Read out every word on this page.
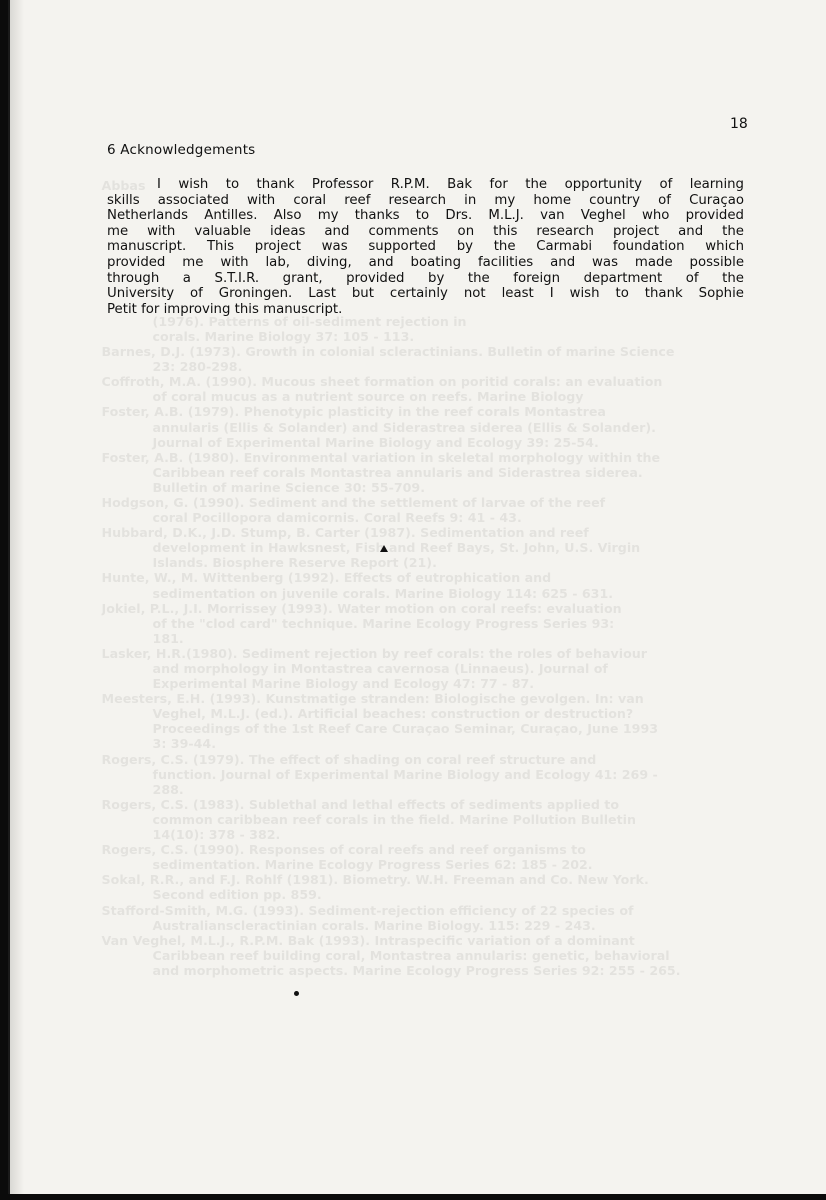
Abbas

(1976). Patterns of oil-sediment rejection in
corals. Marine Biology 37: 105 - 113.
Barnes, D.J. (1973). Growth in colonial scleractinians. Bulletin of marine Science
23: 280-298.
Coffroth, M.A. (1990). Mucous sheet formation on poritid corals: an evaluation
of coral mucus as a nutrient source on reefs. Marine Biology
Foster, A.B. (1979). Phenotypic plasticity in the reef corals Montastrea
annularis (Ellis & Solander) and Siderastrea siderea (Ellis & Solander).
Journal of Experimental Marine Biology and Ecology 39: 25-54.
Foster, A.B. (1980). Environmental variation in skeletal morphology within the
Caribbean reef corals Montastrea annularis and Siderastrea siderea.
Bulletin of marine Science 30: 55-709.
Hodgson, G. (1990). Sediment and the settlement of larvae of the reef
coral Pocillopora damicornis. Coral Reefs 9: 41 - 43.
Hubbard, D.K., J.D. Stump, B. Carter (1987). Sedimentation and reef
development in Hawksnest, Fish and Reef Bays, St. John, U.S. Virgin
Islands. Biosphere Reserve Report (21).
Hunte, W., M. Wittenberg (1992). Effects of eutrophication and
sedimentation on juvenile corals. Marine Biology 114: 625 - 631.
Jokiel, P.L., J.I. Morrissey (1993). Water motion on coral reefs: evaluation
of the "clod card" technique. Marine Ecology Progress Series 93:
181.
Lasker, H.R.(1980). Sediment rejection by reef corals: the roles of behaviour
and morphology in Montastrea cavernosa (Linnaeus). Journal of
Experimental Marine Biology and Ecology 47: 77 - 87.
Meesters, E.H. (1993). Kunstmatige stranden: Biologische gevolgen. In: van
Veghel, M.L.J. (ed.). Artificial beaches: construction or destruction?
Proceedings of the 1st Reef Care Curaçao Seminar, Curaçao, June 1993
3: 39-44.
Rogers, C.S. (1979). The effect of shading on coral reef structure and
function. Journal of Experimental Marine Biology and Ecology 41: 269 -
288.
Rogers, C.S. (1983). Sublethal and lethal effects of sediments applied to
common caribbean reef corals in the field. Marine Pollution Bulletin
14(10): 378 - 382.
Rogers, C.S. (1990). Responses of coral reefs and reef organisms to
sedimentation. Marine Ecology Progress Series 62: 185 - 202.
Sokal, R.R., and F.J. Rohlf (1981). Biometry. W.H. Freeman and Co. New York.
Second edition pp. 859.
Stafford-Smith, M.G. (1993). Sediment-rejection efficiency of 22 species of
Australianscleractinian corals. Marine Biology. 115: 229 - 243.
Van Veghel, M.L.J., R.P.M. Bak (1993). Intraspecific variation of a dominant
Caribbean reef building coral, Montastrea annularis: genetic, behavioral
and morphometric aspects. Marine Ecology Progress Series 92: 255 - 265.
18
6 Acknowledgements
I wish to thank Professor R.P.M. Bak for the opportunity of learning
skills associated with coral reef research in my home country of Curaçao
Netherlands Antilles. Also my thanks to Drs. M.L.J. van Veghel who provided
me with valuable ideas and comments on this research project and the
manuscript. This project was supported by the Carmabi foundation which
provided me with lab, diving, and boating facilities and was made possible
through a S.T.I.R. grant, provided by the foreign department of the
University of Groningen. Last but certainly not least I wish to thank Sophie
Petit for improving this manuscript.
